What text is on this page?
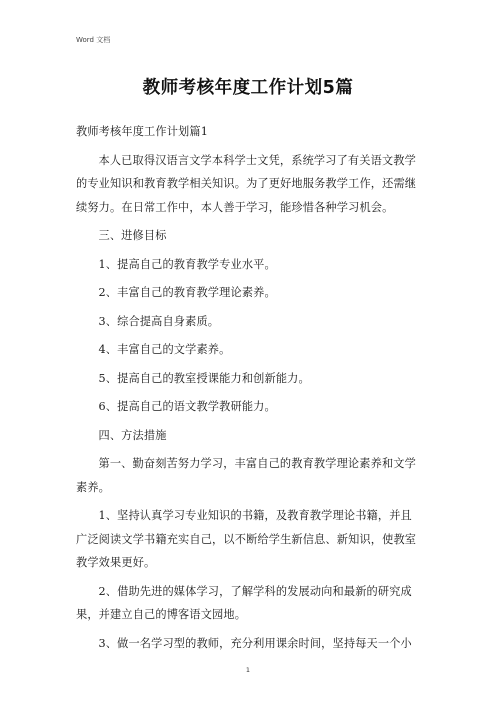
Word 文档
教师考核年度工作计划5篇

教师考核年度工作计划篇1

本人已取得汉语言文学本科学士文凭，系统学习了有关语文教学
的专业知识和教育教学相关知识。为了更好地服务教学工作，还需继
续努力。在日常工作中，本人善于学习，能珍惜各种学习机会。

三、进修目标

1、提高自己的教育教学专业水平。

2、丰富自己的教育教学理论素养。

3、综合提高自身素质。

4、丰富自己的文学素养。

5、提高自己的教室授课能力和创新能力。

6、提高自己的语文教学教研能力。

四、方法措施

第一、勤奋刻苦努力学习，丰富自己的教育教学理论素养和文学
素养。

1、坚持认真学习专业知识的书籍，及教育教学理论书籍，并且
广泛阅读文学书籍充实自己，以不断给学生新信息、新知识，使教室
教学效果更好。

2、借助先进的媒体学习，了解学科的发展动向和最新的研究成
果，并建立自己的博客语文园地。

3、做一名学习型的教师，充分利用课余时间，坚持每天一个小

1
